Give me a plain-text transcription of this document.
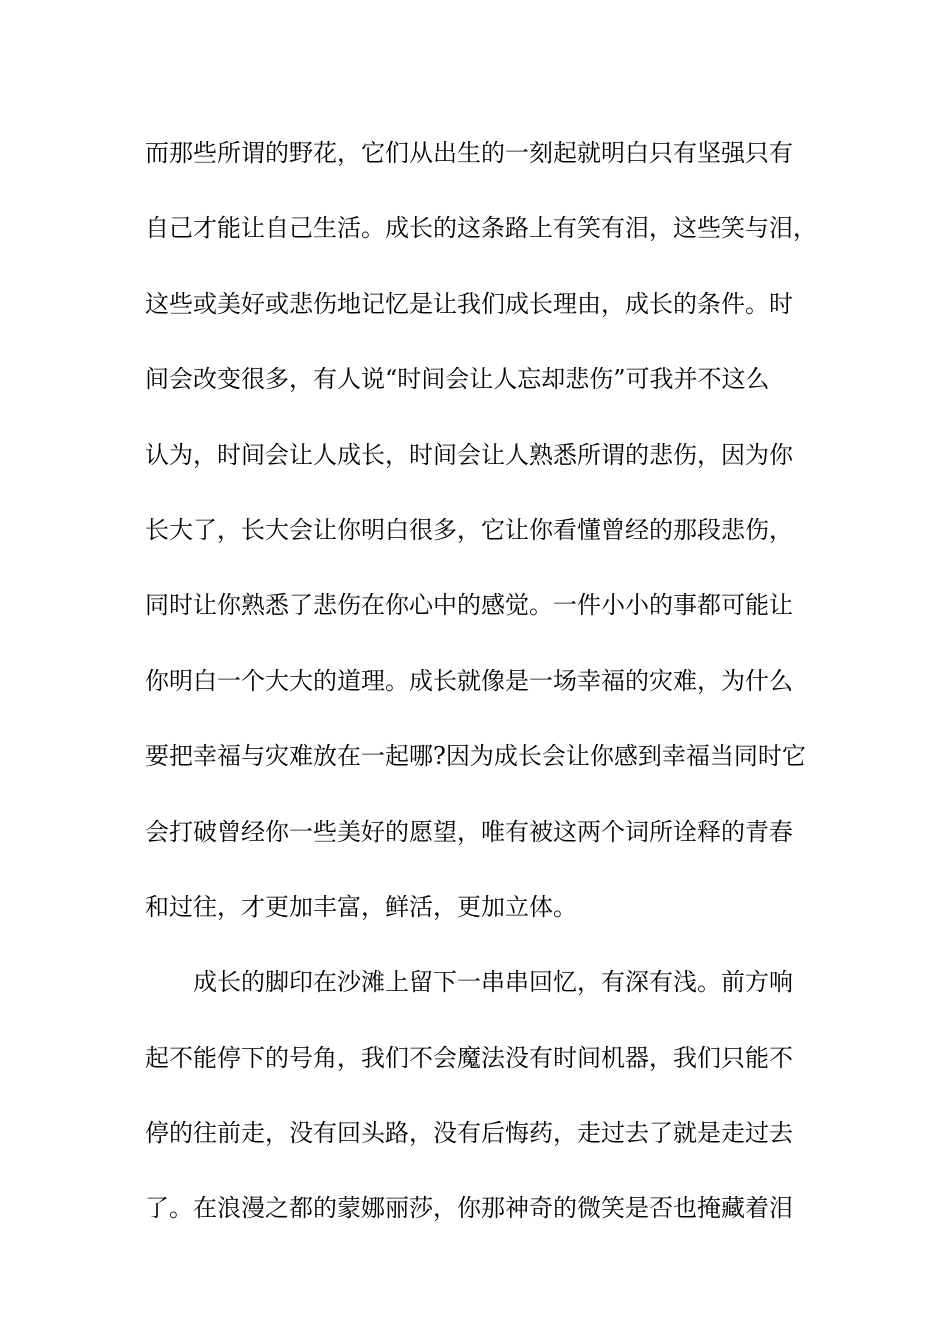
而那些所谓的野花，它们从出生的一刻起就明白只有坚强只有
自己才能让自己生活。成长的这条路上有笑有泪，这些笑与泪，
这些或美好或悲伤地记忆是让我们成长理由，成长的条件。时
间会改变很多，有人说“时间会让人忘却悲伤”可我并不这么
认为，时间会让人成长，时间会让人熟悉所谓的悲伤，因为你
长大了，长大会让你明白很多，它让你看懂曾经的那段悲伤，
同时让你熟悉了悲伤在你心中的感觉。一件小小的事都可能让
你明白一个大大的道理。成长就像是一场幸福的灾难，为什么
要把幸福与灾难放在一起哪?因为成长会让你感到幸福当同时它
会打破曾经你一些美好的愿望，唯有被这两个词所诠释的青春
和过往，才更加丰富，鲜活，更加立体。
成长的脚印在沙滩上留下一串串回忆，有深有浅。前方响
起不能停下的号角，我们不会魔法没有时间机器，我们只能不
停的往前走，没有回头路，没有后悔药，走过去了就是走过去
了。在浪漫之都的蒙娜丽莎，你那神奇的微笑是否也掩藏着泪
